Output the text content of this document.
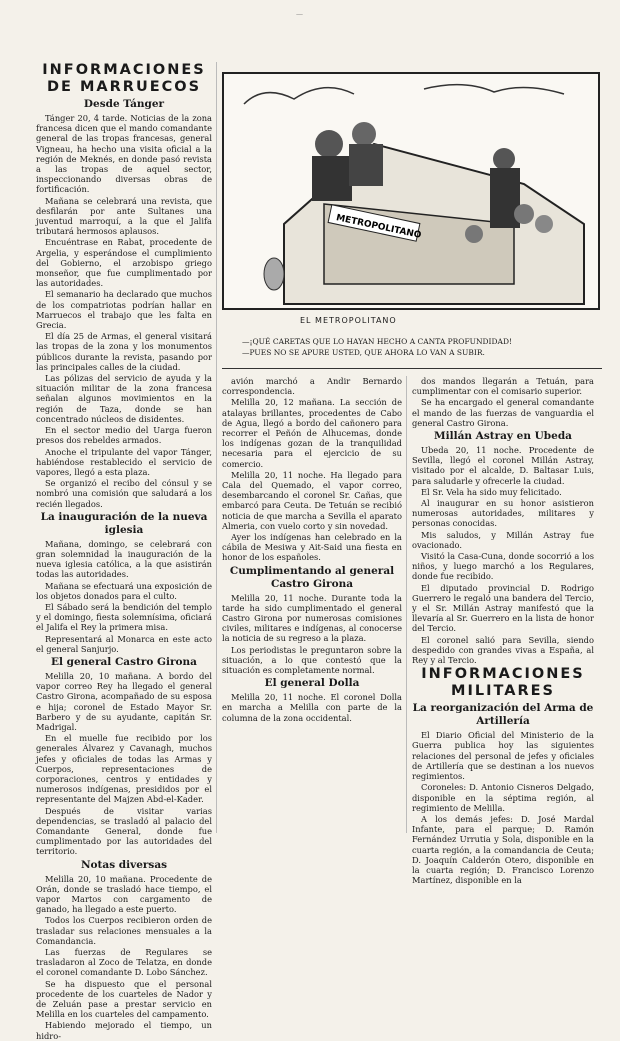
—
INFORMACIONES DE MARRUECOS
Desde Tánger

Tánger 20, 4 tarde. Noticias de la zona francesa dicen que el mando comandante general de las tropas francesas, general Vigneau, ha hecho una visita oficial a la región de Meknés, en donde pasó revista a las tropas de aquel sector, inspeccionando diversas obras de fortificación.

Mañana se celebrará una revista, que desfilarán por ante Sultanes una juventud marroquí, a la que el Jalifa tributará hermosos aplausos.

Encuéntrase en Rabat, procedente de Argelia, y esperándose el cumplimiento del Gobierno, el arzobispo griego monseñor, que fue cumplimentado por las autoridades.

El semanario ha declarado que muchos de los compatriotas podrían hallar en Marruecos el trabajo que les falta en Grecia.

El día 25 de Armas, el general visitará las tropas de la zona y los monumentos públicos durante la revista, pasando por las principales calles de la ciudad.

Las pólizas del servicio de ayuda y la situación militar de la zona francesa señalan algunos movimientos en la región de Taza, donde se han concentrado núcleos de disidentes.

En el sector medio del Uarga fueron presos dos rebeldes armados.

Anoche el tripulante del vapor Tánger, habiéndose restablecido el servicio de vapores, llegó a esta plaza.

Se organizó el recibo del cónsul y se nombró una comisión que saludará a los recién llegados.

La inauguración de la nueva iglesia

Mañana, domingo, se celebrará con gran solemnidad la inauguración de la nueva iglesia católica, a la que asistirán todas las autoridades.

Mañana se efectuará una exposición de los objetos donados para el culto.

El Sábado será la bendición del templo y el domingo, fiesta solemnísima, oficiará el Jalifa el Rey la primera misa.

Representará al Monarca en este acto el general Sanjurjo.

El general Castro Girona

Melilla 20, 10 mañana. A bordo del vapor correo Rey ha llegado el general Castro Girona, acompañado de su esposa e hija; coronel de Estado Mayor Sr. Barbero y de su ayudante, capitán Sr. Madrigal.

En el muelle fue recibido por los generales Álvarez y Cavanagh, muchos jefes y oficiales de todas las Armas y Cuerpos, representaciones de corporaciones, centros y entidades y numerosos indígenas, presididos por el representante del Majzen Abd-el-Kader.

Después de visitar varias dependencias, se trasladó al palacio del Comandante General, donde fue cumplimentado por las autoridades del territorio.

Notas diversas

Melilla 20, 10 mañana. Procedente de Orán, donde se trasladó hace tiempo, el vapor Martos con cargamento de ganado, ha llegado a este puerto.

Todos los Cuerpos recibieron orden de trasladar sus relaciones mensuales a la Comandancia.

Las fuerzas de Regulares se trasladaron al Zoco de Telatza, en donde el coronel comandante D. Lobo Sánchez.

Se ha dispuesto que el personal procedente de los cuarteles de Nador y de Zeluán pase a prestar servicio en Melilla en los cuarteles del campamento.

Habiendo mejorado el tiempo, un hidro-

METROPOLITANO
EL METROPOLITANO
—¡QUÉ CARETAS QUE LO HAYAN HECHO A CANTA PROFUNDIDAD!
—PUES NO SE APURE USTED, QUE AHORA LO VAN A SUBIR.

avión marchó a Andir Bernardo correspondencia.

Melilla 20, 12 mañana. La sección de atalayas brillantes, procedentes de Cabo de Agua, llegó a bordo del cañonero para recorrer el Peñón de Alhucemas, donde los indígenas gozan de la tranquilidad necesaria para el ejercicio de su comercio.

Melilla 20, 11 noche. Ha llegado para Cala del Quemado, el vapor correo, desembarcando el coronel Sr. Cañas, que embarcó para Ceuta. De Tetuán se recibió noticia de que marcha a Sevilla el aparato Almeria, con vuelo corto y sin novedad.

Ayer los indígenas han celebrado en la cábila de Mesiwa y Ait-Said una fiesta en honor de los españoles.

Cumplimentando al general Castro Girona

Melilla 20, 11 noche. Durante toda la tarde ha sido cumplimentado el general Castro Girona por numerosas comisiones civiles, militares e indígenas, al conocerse la noticia de su regreso a la plaza.

Los periodistas le preguntaron sobre la situación, a lo que contestó que la situación es completamente normal.

El general Dolla

Melilla 20, 11 noche. El coronel Dolla en marcha a Melilla con parte de la columna de la zona occidental.

dos mandos llegarán a Tetuán, para cumplimentar con el comisario superior.

Se ha encargado el general comandante el mando de las fuerzas de vanguardia el general Castro Girona.

Millán Astray en Ubeda

Ubeda 20, 11 noche. Procedente de Sevilla, llegó el coronel Millán Astray, visitado por el alcalde, D. Baltasar Luis, para saludarle y ofrecerle la ciudad.

El Sr. Vela ha sido muy felicitado.

Al inaugurar en su honor asistieron numerosas autoridades, militares y personas conocidas.

Mis saludos, y Millán Astray fue ovacionado.

Visitó la Casa-Cuna, donde socorrió a los niños, y luego marchó a los Regulares, donde fue recibido.

El diputado provincial D. Rodrigo Guerrero le regaló una bandera del Tercio, y el Sr. Millán Astray manifestó que la llevaría al Sr. Guerrero en la lista de honor del Tercio.

El coronel salió para Sevilla, siendo despedido con grandes vivas a España, al Rey y al Tercio.

INFORMACIONES MILITARES
La reorganización del Arma de Artillería

El Diario Oficial del Ministerio de la Guerra publica hoy las siguientes relaciones del personal de jefes y oficiales de Artillería que se destinan a los nuevos regimientos.

Coroneles: D. Antonio Cisneros Delgado, disponible en la séptima región, al regimiento de Melilla.

A los demás jefes: D. José Mardal Infante, para el parque; D. Ramón Fernández Urrutia y Sola, disponible en la cuarta región, a la comandancia de Ceuta; D. Joaquín Calderón Otero, disponible en la cuarta región; D. Francisco Lorenzo Martínez, disponible en la
